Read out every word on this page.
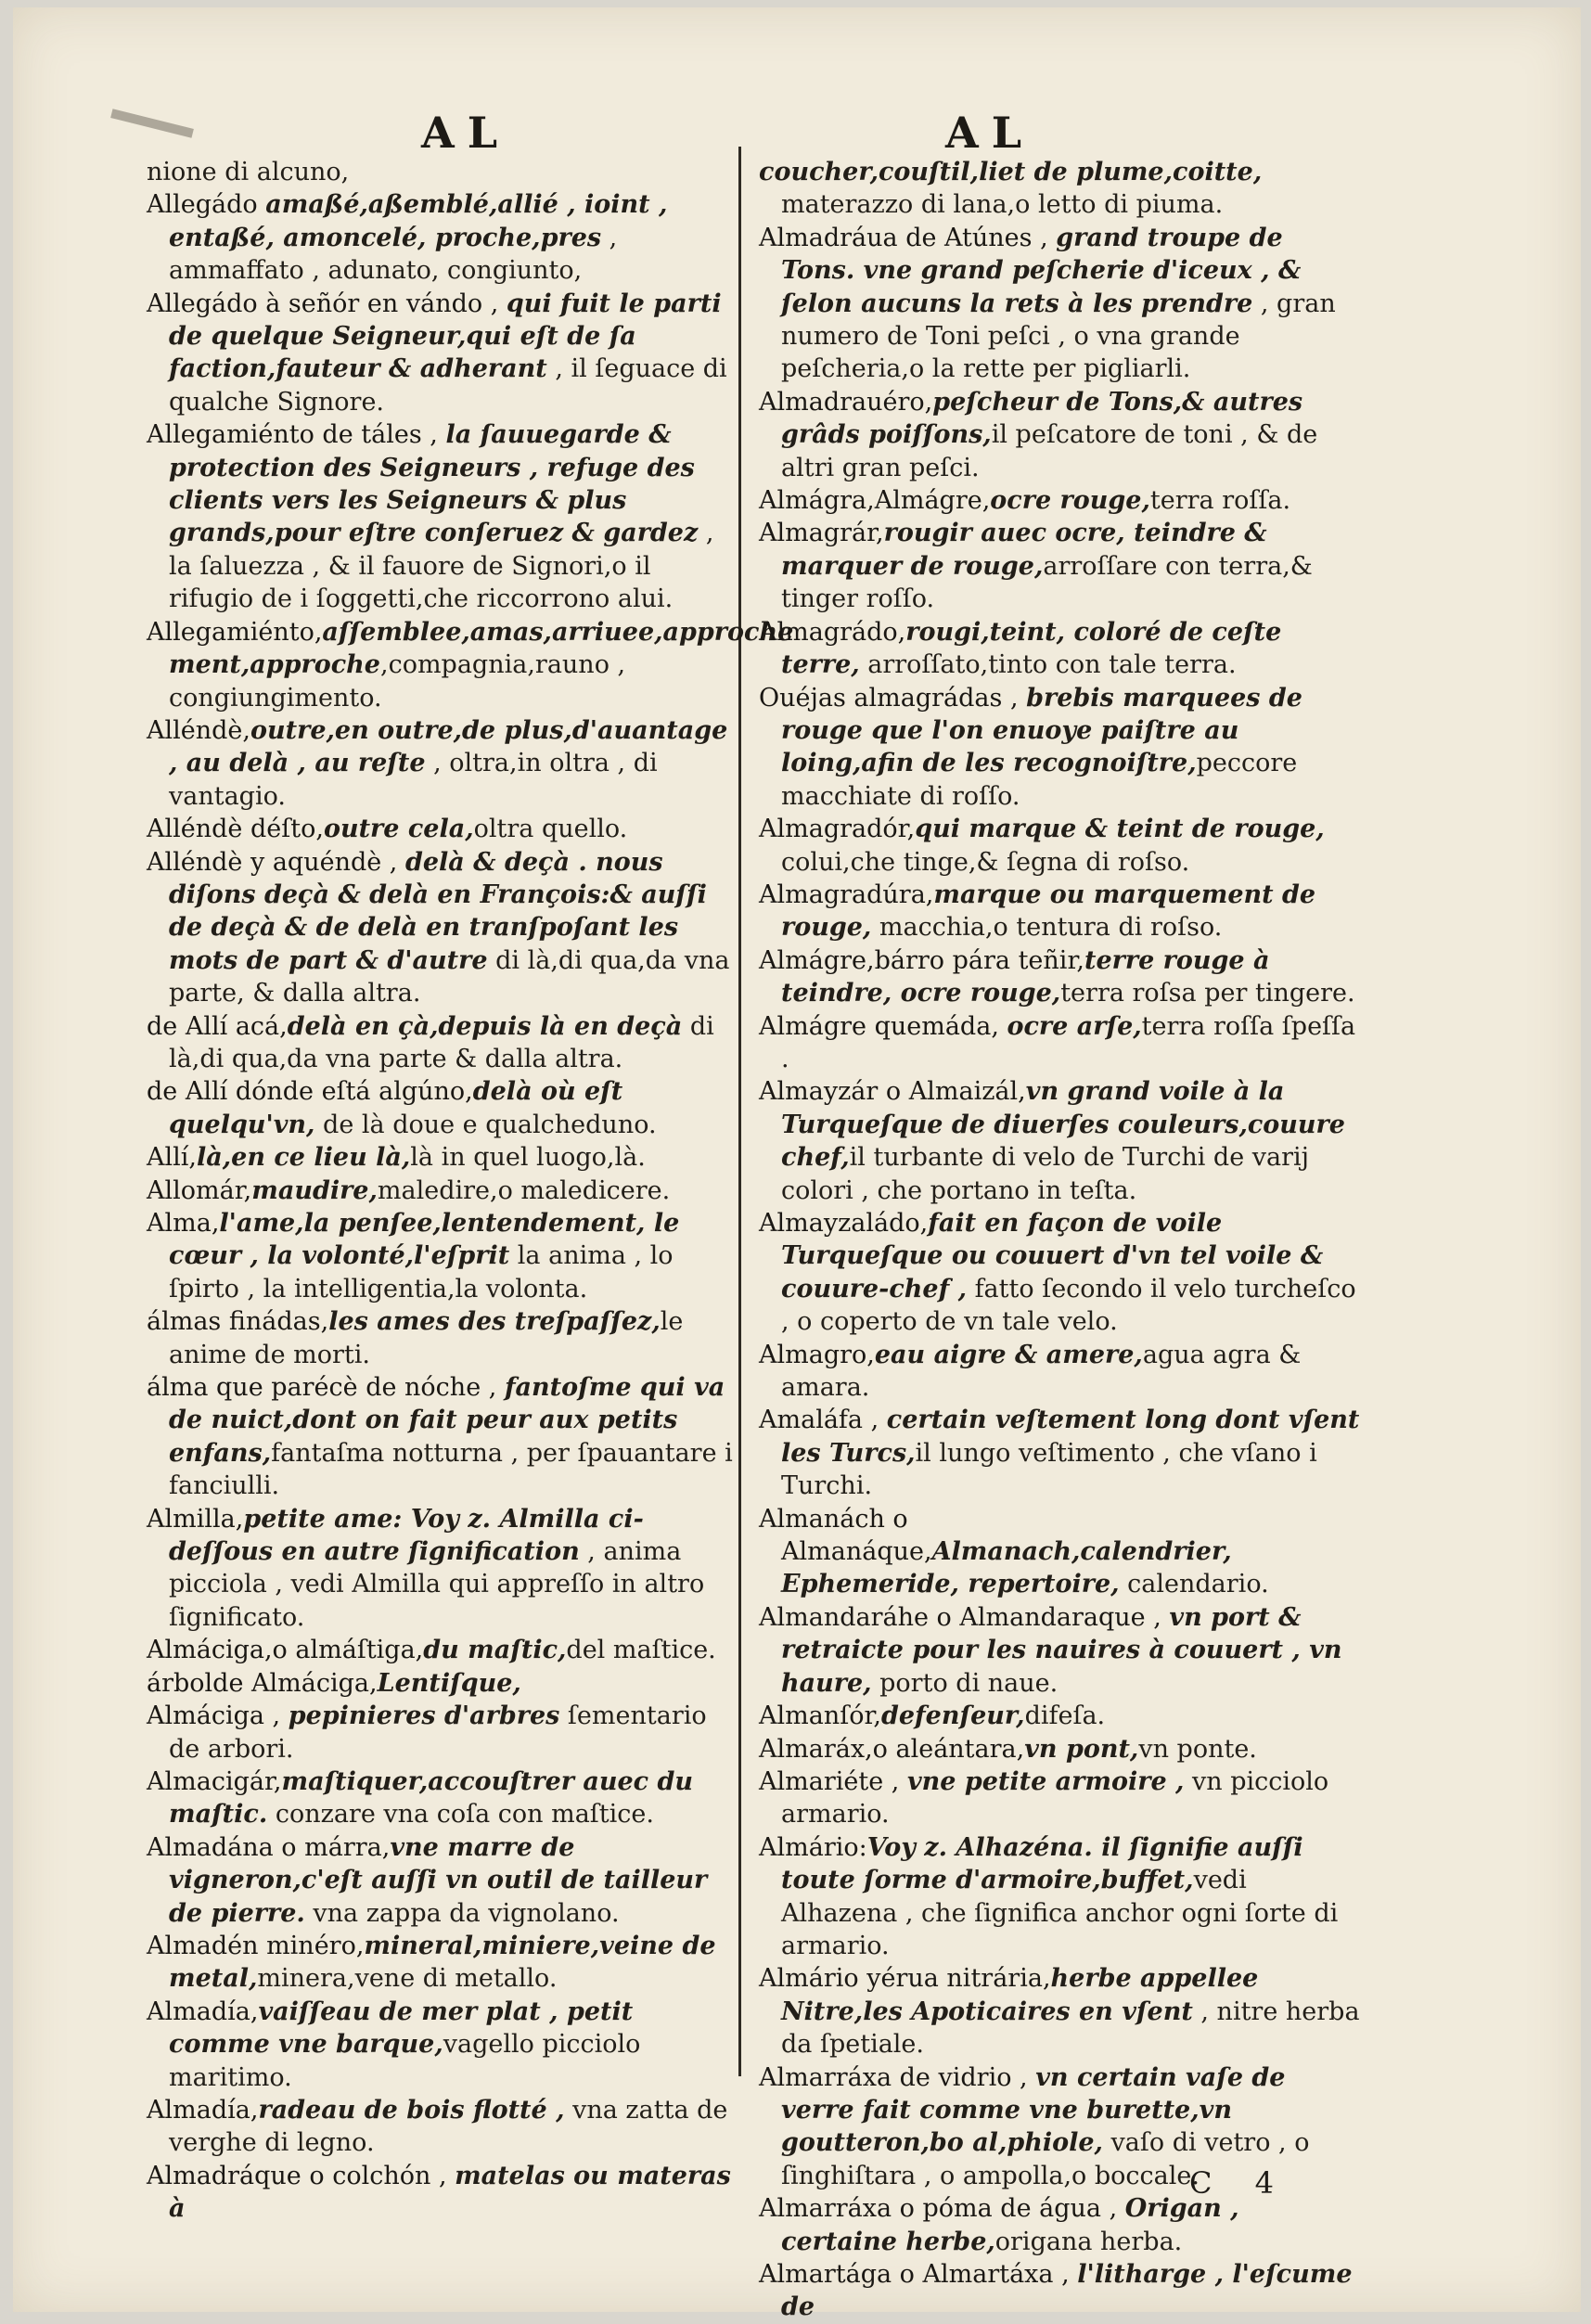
AL	AL

nione di alcuno,

Allegádo amaßé,aßemblé,allié , ioint , entaßé, amoncelé, proche,pres , ammaffato , adunato, congiunto,

Allegádo à señór en vándo , qui fuit le parti de quelque Seigneur,qui eſt de ſa faction,fauteur & adherant , il ſeguace di qualche Signore.

Allegamiénto de táles , la ſauuegarde & protection des Seigneurs , refuge des clients vers les Seigneurs & plus grands,pour eſtre conſeruez & gardez , la ſaluezza , & il fauore de Signori,o il rifugio de i ſoggetti,che riccorrono alui.

Allegamiénto,aſſemblee,amas,arriuee,approche ment,approche,compagnia,rauno , congiungimento.

Alléndè,outre,en outre,de plus,d'auantage , au delà , au reſte , oltra,in oltra , di vantagio.

Alléndè déſto,outre cela,oltra quello.

Alléndè y aquéndè , delà & deçà . nous diſons deçà & delà en François:& auſſi de deçà & de delà en tranſpoſant les mots de part & d'autre di là,di qua,da vna parte, & dalla altra.

de Allí acá,delà en çà,depuis là en deçà di là,di qua,da vna parte & dalla altra.

de Allí dónde eſtá algúno,delà où eſt quelqu'vn, de là doue e qualcheduno.

Allí,là,en ce lieu là,là in quel luogo,là.

Allomár,maudire,maledire,o maledicere.

Alma,l'ame,la penſee,lentendement, le cœur , la volonté,l'eſprit la anima , lo ſpirto , la intelligentia,la volonta.

álmas finádas,les ames des treſpaſſez,le anime de morti.

álma que parécè de nóche , fantoſme qui va de nuict,dont on fait peur aux petits enfans,fantaſma notturna , per ſpauantare i fanciulli.

Almilla,petite ame: Voy z. Almilla ci-deſſous en autre ſignification , anima picciola , vedi Almilla qui appreſſo in altro ſignificato.

Almáciga,o almáſtiga,du maſtic,del maſtice.

árbolde Almáciga,Lentiſque,

Almáciga , pepinieres d'arbres ſementario de arbori.

Almacigár,maſtiquer,accouſtrer auec du maſtic. conzare vna coſa con maſtice.

Almadána o márra,vne marre de vigneron,c'eſt auſſi vn outil de tailleur de pierre. vna zappa da vignolano.

Almadén minéro,mineral,miniere,veine de metal,minera,vene di metallo.

Almadía,vaiſſeau de mer plat , petit comme vne barque,vagello picciolo maritimo.

Almadía,radeau de bois flotté , vna zatta de verghe di legno.

Almadráque o colchón , matelas ou materas à

coucher,couſtil,liet de plume,coitte, materazzo di lana,o letto di piuma.

Almadráua de Atúnes , grand troupe de Tons. vne grand peſcherie d'iceux , & ſelon aucuns la rets à les prendre , gran numero de Toni peſci , o vna grande peſcheria,o la rette per pigliarli.

Almadrauéro,peſcheur de Tons,& autres grâds poiſſons,il peſcatore de toni , & de altri gran peſci.

Almágra,Almágre,ocre rouge,terra roſſa.

Almagrár,rougir auec ocre, teindre & marquer de rouge,arroſſare con terra,& tinger roſſo.

Almagrádo,rougi,teint, coloré de ceſte terre, arroſſato,tinto con tale terra.

Ouéjas almagrádas , brebis marquees de rouge que l'on enuoye paiſtre au loing,afin de les recognoiſtre,peccore macchiate di roſſo.

Almagradór,qui marque & teint de rouge, colui,che tinge,& ſegna di roſso.

Almagradúra,marque ou marquement de rouge, macchia,o tentura di roſso.

Almágre,bárro pára teñir,terre rouge à teindre, ocre rouge,terra roſsa per tingere.

Almágre quemáda, ocre arſe,terra roſſa ſpeſſa .

Almayzár o Almaizál,vn grand voile à la Turqueſque de diuerſes couleurs,couure chef,il turbante di velo de Turchi de varij colori , che portano in teſta.

Almayzaládo,fait en façon de voile Turqueſque ou couuert d'vn tel voile & couure-chef , fatto ſecondo il velo turcheſco , o coperto de vn tale velo.

Almagro,eau aigre & amere,agua agra & amara.

Amaláfa , certain veſtement long dont vſent les Turcs,il lungo veſtimento , che vſano i Turchi.

Almanách o Almanáque,Almanach,calendrier, Ephemeride, repertoire, calendario.

Almandaráhe o Almandaraque , vn port & retraicte pour les nauires à couuert , vn haure, porto di naue.

Almanſór,defenſeur,difeſa.

Almaráx,o aleántara,vn pont,vn ponte.

Almariéte , vne petite armoire , vn picciolo armario.

Almário:Voy z. Alhazéna. il ſignifie auſſi toute ſorme d'armoire,buffet,vedi Alhazena , che ſignifica anchor ogni ſorte di armario.

Almário yérua nitrária,herbe appellee Nitre,les Apoticaires en vſent , nitre herba da ſpetiale.

Almarráxa de vidrio , vn certain vaſe de verre fait comme vne burette,vn goutteron,bo al,phiole, vaſo di vetro , o ſinghiſtara , o ampolla,o boccale.

Almarráxa o póma de água , Origan , certaine herbe,origana herba.

Almartága o Almartáxa , l'litharge , l'eſcume de

C 4
